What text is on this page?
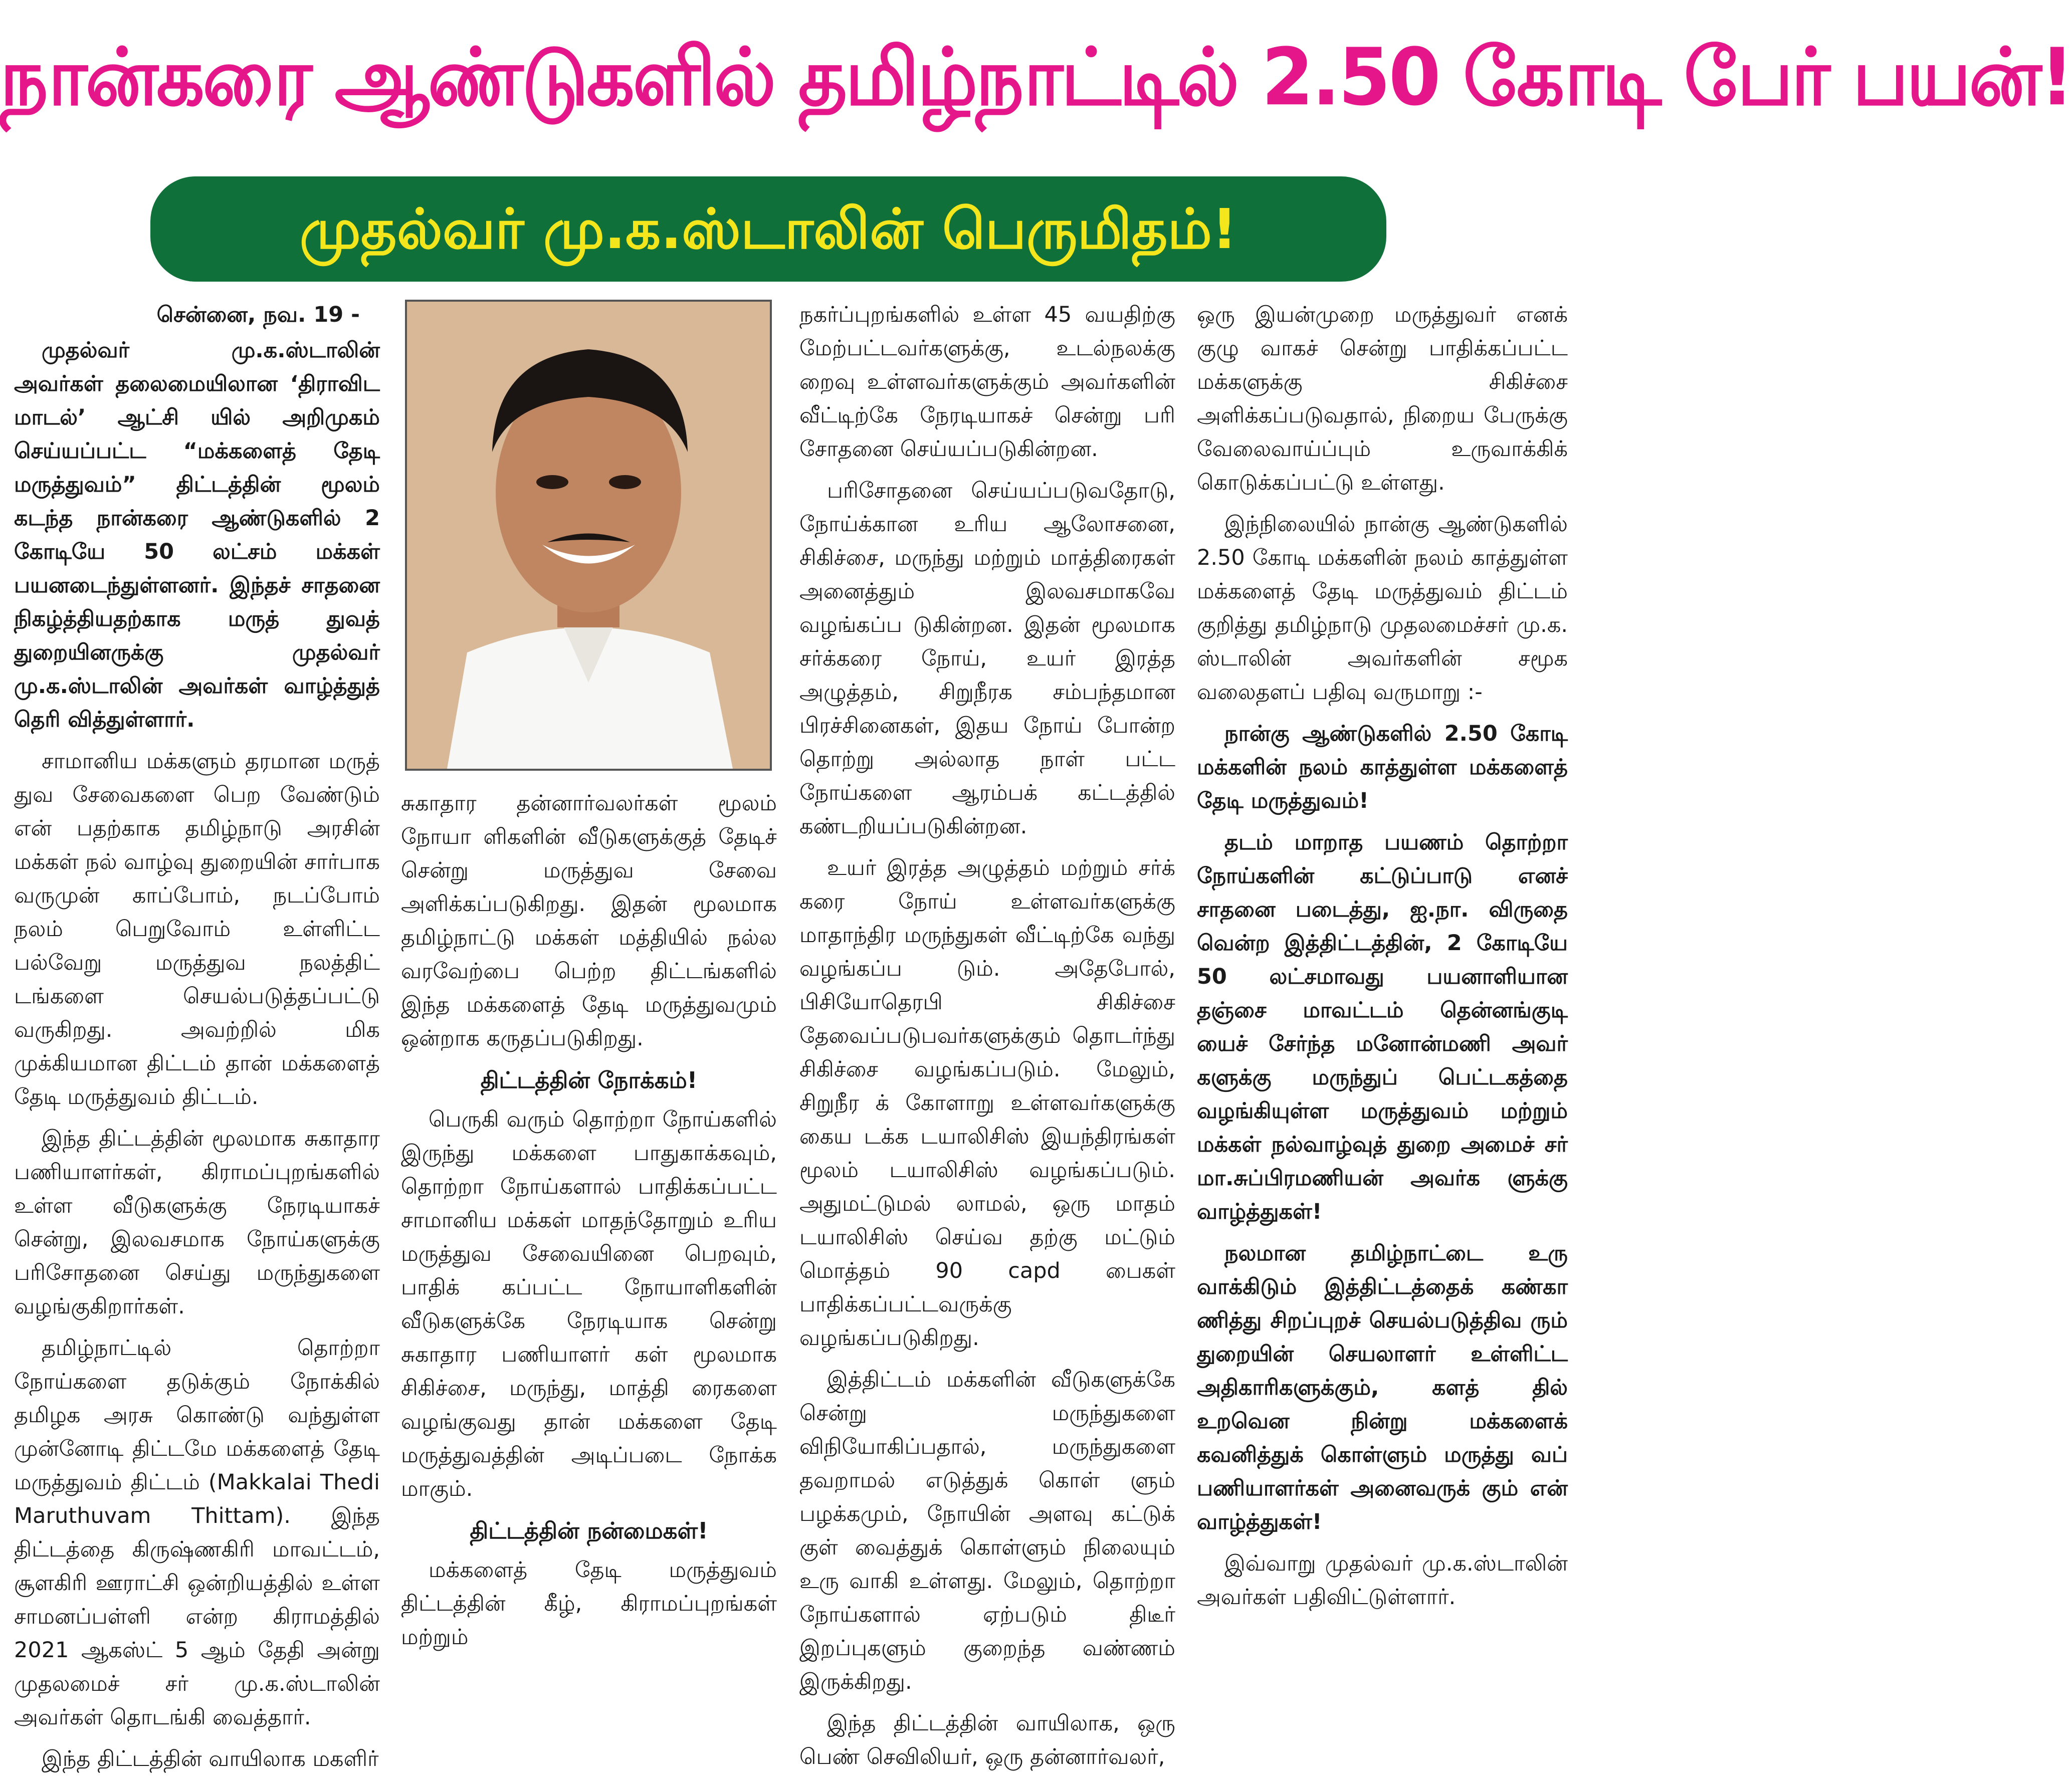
நான்கரை ஆண்டுகளில் தமிழ்நாட்டில் 2.50 கோடி பேர் பயன்!
முதல்வர் மு.க.ஸ்டாலின் பெருமிதம்!
சென்னை, நவ. 19 -

முதல்வர் மு.க.ஸ்டாலின் அவர்கள் தலைமையிலான ‘திராவிட மாடல்’ ஆட்சி யில் அறிமுகம் செய்யப்பட்ட “மக்களைத் தேடி மருத்துவம்” திட்டத்தின் மூலம் கடந்த நான்கரை ஆண்டுகளில் 2 கோடியே 50 லட்சம் மக்கள் பயனடைந்துள்ளனர். இந்தச் சாதனை நிகழ்த்தியதற்காக மருத் துவத் துறையினருக்கு முதல்வர் மு.க.ஸ்டாலின் அவர்கள் வாழ்த்துத் தெரி வித்துள்ளார்.

சாமானிய மக்களும் தரமான மருத் துவ சேவைகளை பெற வேண்டும் என் பதற்காக தமிழ்நாடு அரசின் மக்கள் நல் வாழ்வு துறையின் சார்பாக வருமுன் காப்போம், நடப்போம் நலம் பெறுவோம் உள்ளிட்ட பல்வேறு மருத்துவ நலத்திட் டங்களை செயல்படுத்தப்பட்டு வருகிறது. அவற்றில் மிக முக்கியமான திட்டம் தான் மக்களைத் தேடி மருத்துவம் திட்டம்.

இந்த திட்டத்தின் மூலமாக சுகாதார பணியாளர்கள், கிராமப்புறங்களில் உள்ள வீடுகளுக்கு நேரடியாகச் சென்று, இலவசமாக நோய்களுக்கு பரிசோதனை செய்து மருந்துகளை வழங்குகிறார்கள்.

தமிழ்நாட்டில் தொற்றா நோய்களை தடுக்கும் நோக்கில் தமிழக அரசு கொண்டு வந்துள்ள முன்னோடி திட்டமே மக்களைத் தேடி மருத்துவம் திட்டம் (Makkalai Thedi Maruthuvam Thittam). இந்த திட்டத்தை கிருஷ்ணகிரி மாவட்டம், சூளகிரி ஊராட்சி ஒன்றியத்தில் உள்ள சாமனப்பள்ளி என்ற கிராமத்தில் 2021 ஆகஸ்ட் 5 ஆம் தேதி அன்று முதலமைச் சர் மு.க.ஸ்டாலின் அவர்கள் தொடங்கி வைத்தார்.

இந்த திட்டத்தின் வாயிலாக மகளிர்

சுகாதார தன்னார்வலர்கள் மூலம் நோயா ளிகளின் வீடுகளுக்குத் தேடிச் சென்று மருத்துவ சேவை அளிக்கப்படுகிறது. இதன் மூலமாக தமிழ்நாட்டு மக்கள் மத்தியில் நல்ல வரவேற்பை பெற்ற திட்டங்களில் இந்த மக்களைத் தேடி மருத்துவமும் ஒன்றாக கருதப்படுகிறது.

திட்டத்தின் நோக்கம்!

பெருகி வரும் தொற்றா நோய்களில் இருந்து மக்களை பாதுகாக்கவும், தொற்றா நோய்களால் பாதிக்கப்பட்ட சாமானிய மக்கள் மாதந்தோறும் உரிய மருத்துவ சேவையினை பெறவும், பாதிக் கப்பட்ட நோயாளிகளின் வீடுகளுக்கே நேரடியாக சென்று சுகாதார பணியாளர் கள் மூலமாக சிகிச்சை, மருந்து, மாத்தி ரைகளை வழங்குவது தான் மக்களை தேடி மருத்துவத்தின் அடிப்படை நோக்க மாகும்.

திட்டத்தின் நன்மைகள்!

மக்களைத் தேடி மருத்துவம் திட்டத்தின் கீழ், கிராமப்புறங்கள் மற்றும்

நகர்ப்புறங்களில் உள்ள 45 வயதிற்கு மேற்பட்டவர்களுக்கு, உடல்நலக்கு றைவு உள்ளவர்களுக்கும் அவர்களின் வீட்டிற்கே நேரடியாகச் சென்று பரி சோதனை செய்யப்படுகின்றன.

பரிசோதனை செய்யப்படுவதோடு, நோய்க்கான உரிய ஆலோசனை, சிகிச்சை, மருந்து மற்றும் மாத்திரைகள் அனைத்தும் இலவசமாகவே வழங்கப்ப டுகின்றன. இதன் மூலமாக சர்க்கரை நோய், உயர் இரத்த அழுத்தம், சிறுநீரக சம்பந்தமான பிரச்சினைகள், இதய நோய் போன்ற தொற்று அல்லாத நாள் பட்ட நோய்களை ஆரம்பக் கட்டத்தில் கண்டறியப்படுகின்றன.

உயர் இரத்த அழுத்தம் மற்றும் சர்க் கரை நோய் உள்ளவர்களுக்கு மாதாந்திர மருந்துகள் வீட்டிற்கே வந்து வழங்கப்ப டும். அதேபோல், பிசியோதெரபி சிகிச்சை தேவைப்படுபவர்களுக்கும் தொடர்ந்து சிகிச்சை வழங்கப்படும். மேலும், சிறுநீர க் கோளாறு உள்ளவர்களுக்கு கைய டக்க டயாலிசிஸ் இயந்திரங்கள் மூலம் டயாலிசிஸ் வழங்கப்படும். அதுமட்டுமல் லாமல், ஒரு மாதம் டயாலிசிஸ் செய்வ தற்கு மட்டும் மொத்தம் 90 capd பைகள் பாதிக்கப்பட்டவருக்கு வழங்கப்படுகிறது.

இத்திட்டம் மக்களின் வீடுகளுக்கே சென்று மருந்துகளை விநியோகிப்பதால், மருந்துகளை தவறாமல் எடுத்துக் கொள் ளும் பழக்கமும், நோயின் அளவு கட்டுக் குள் வைத்துக் கொள்ளும் நிலையும் உரு வாகி உள்ளது. மேலும், தொற்றா நோய்களால் ஏற்படும் திடீர் இறப்புகளும் குறைந்த வண்ணம் இருக்கிறது.

இந்த திட்டத்தின் வாயிலாக, ஒரு பெண் செவிலியர், ஒரு தன்னார்வலர்,

ஒரு இயன்முறை மருத்துவர் எனக் குழு வாகச் சென்று பாதிக்கப்பட்ட மக்களுக்கு சிகிச்சை அளிக்கப்படுவதால், நிறைய பேருக்கு வேலைவாய்ப்பும் உருவாக்கிக் கொடுக்கப்பட்டு உள்ளது.

இந்நிலையில் நான்கு ஆண்டுகளில் 2.50 கோடி மக்களின் நலம் காத்துள்ள மக்களைத் தேடி மருத்துவம் திட்டம் குறித்து தமிழ்நாடு முதலமைச்சர் மு.க. ஸ்டாலின் அவர்களின் சமூக வலைதளப் பதிவு வருமாறு :-

நான்கு ஆண்டுகளில் 2.50 கோடி மக்களின் நலம் காத்துள்ள மக்களைத் தேடி மருத்துவம்!

தடம் மாறாத பயணம் தொற்றா நோய்களின் கட்டுப்பாடு எனச் சாதனை படைத்து, ஐ.நா. விருதை வென்ற இத்திட்டத்தின், 2 கோடியே 50 லட்சமாவது பயனாளியான தஞ்சை மாவட்டம் தென்னங்குடி யைச் சேர்ந்த மனோன்மணி அவர் களுக்கு மருந்துப் பெட்டகத்தை வழங்கியுள்ள மருத்துவம் மற்றும் மக்கள் நல்வாழ்வுத் துறை அமைச் சர் மா.சுப்பிரமணியன் அவர்க ளுக்கு வாழ்த்துகள்!

நலமான தமிழ்நாட்டை உரு வாக்கிடும் இத்திட்டத்தைக் கண்கா ணித்து சிறப்புறச் செயல்படுத்திவ ரும் துறையின் செயலாளர் உள்ளிட்ட அதிகாரிகளுக்கும், களத் தில் உறவென நின்று மக்களைக் கவனித்துக் கொள்ளும் மருத்து வப் பணியாளர்கள் அனைவருக் கும் என் வாழ்த்துகள்!

இவ்வாறு முதல்வர் மு.க.ஸ்டாலின் அவர்கள் பதிவிட்டுள்ளார்.
